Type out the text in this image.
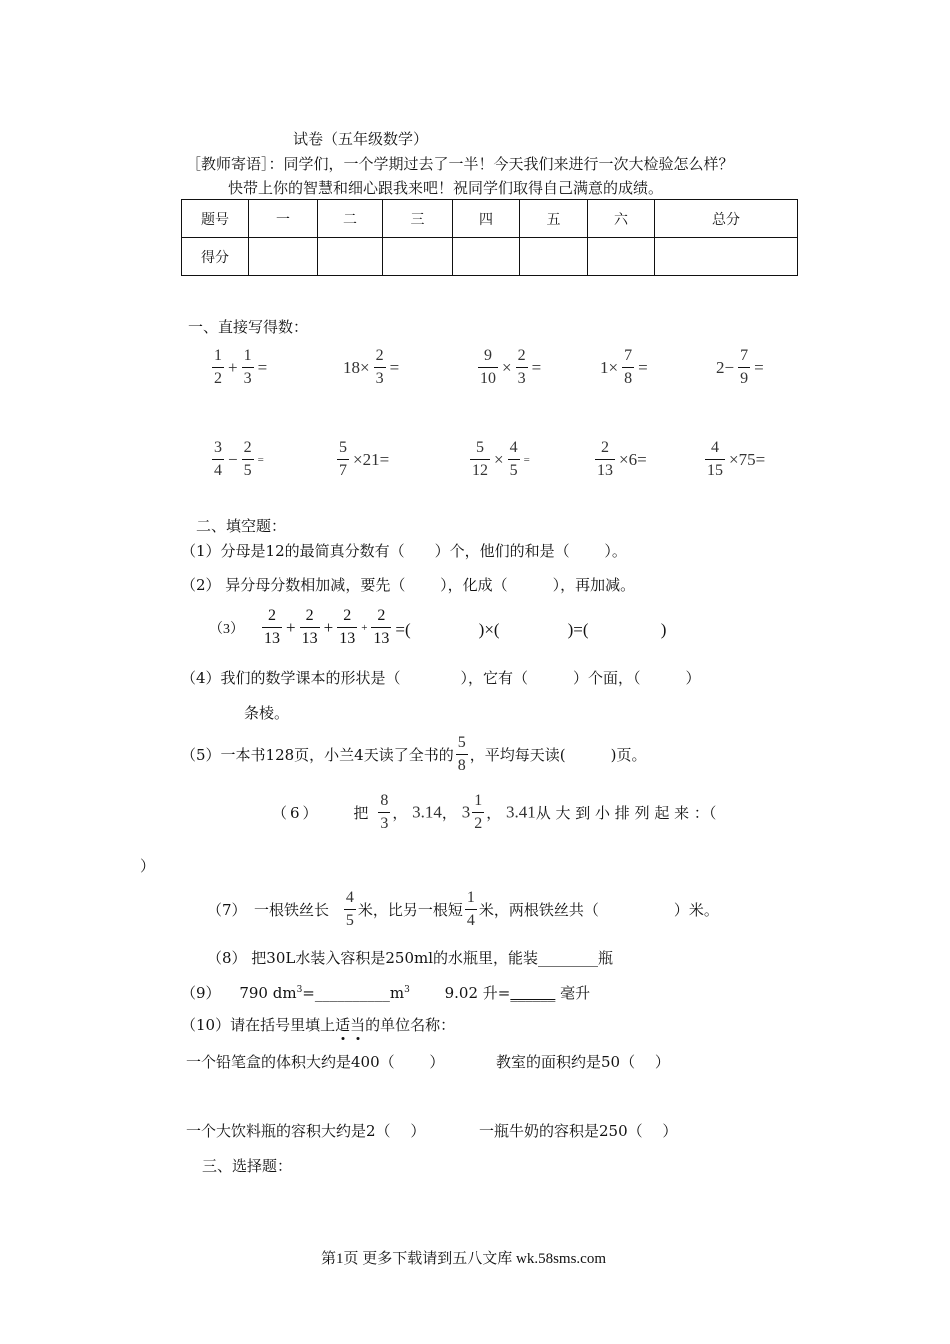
试卷（五年级数学）
［教师寄语］：同学们，一个学期过去了一半！今天我们来进行一次大检验怎么样？
快带上你的智慧和细心跟我来吧！祝同学们取得自己满意的成绩。
题号	一	二	三	四	五	六	总分
得分							
一、直接写得数：
$\frac{1}{2} + \frac{1}{3}$ =	$18\times \frac{2}{3}$ =	$\frac{9}{10} \times \frac{2}{3}$ =	$1\times \frac{7}{8}$ =	$2- \frac{7}{9}$ =
$\frac{3}{4} - \frac{2}{5}$ =	$\frac{5}{7} \times 21=$	$\frac{5}{12} \times \frac{4}{5}$ =	$\frac{2}{13} \times 6=$	$\frac{4}{15} \times 75=$
二、填空题：
（1）分母是12的最简真分数有（　　）个，他们的和是（　　 ）。
（2） 异分母分数相加减，要先（　　 ），化成（　　　），再加减。
$(3) \frac{2}{13} + \frac{2}{13} + \frac{2}{13} + \frac{2}{13}$ =(　　　　)×(　　　　)=(　　　　 )
（4）我们的数学课本的形状是（　　　　），它有（　　　）个面，（　　　）
条棱。
（5）一本书128页，小兰4天读了全书的 $\frac{5}{8}$ ，平均每天读(　　　)页。
（6） 把 $\frac{8}{3}$ ， 3.14， $3 \frac{1}{2}$ ， 3.41从 大 到 小 排 列 起 来 ：（
）
（7）　一根铁丝长 $\frac{4}{5}$ 米，比另一根短 $\frac{1}{4}$ 米，两根铁丝共（　　　　　）米。
（8） 把30L水装入容积是250ml的水瓶里，能装________瓶
（9） 790 $dm^3=\_\_\_\_\_\_\_\_\_\_m^3$ 9.02 升=______ 毫升
（10）请在括号里填上适
当
的单位名称：
一个铅笔盒的体积大约是400（　　 ）	教室的面积约是50（　 ）
一个大饮料瓶的容积大约是2（　 ）	一瓶牛奶的容积是250（　 ）
三、选择题：
第1页 更多下载请到五八文库 wk.58sms.com
